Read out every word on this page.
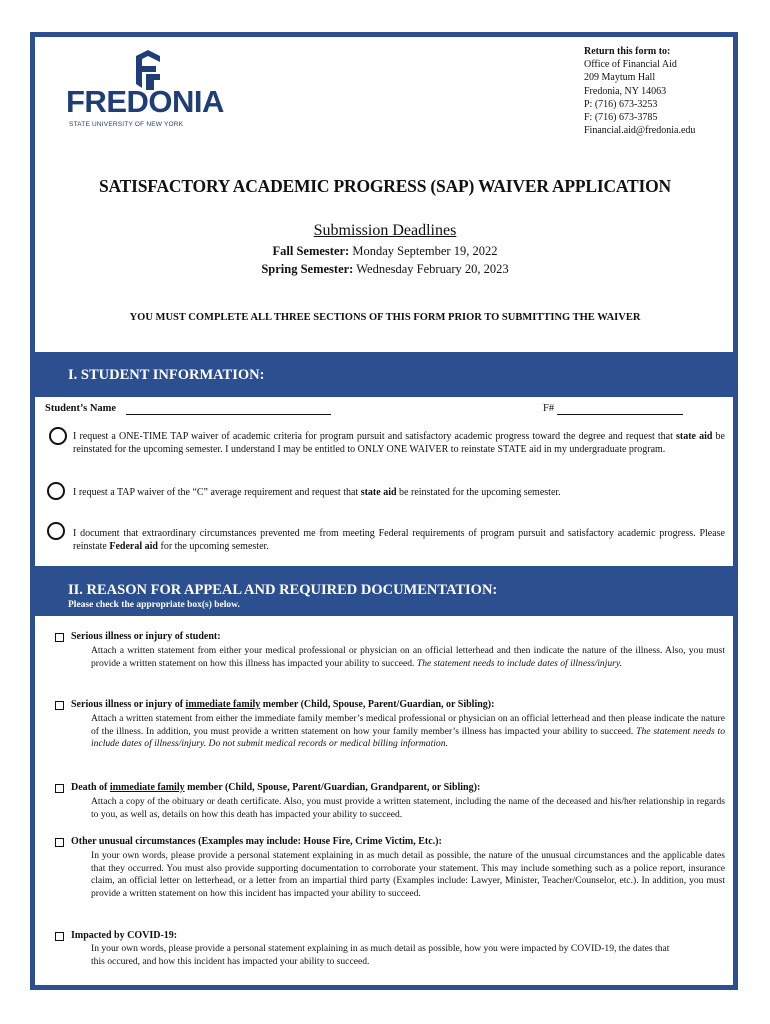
FREDONIA
STATE UNIVERSITY OF NEW YORK
Return this form to:
Office of Financial Aid
209 Maytum Hall
Fredonia, NY 14063
P: (716) 673-3253
F: (716) 673-3785
Financial.aid@fredonia.edu
SATISFACTORY ACADEMIC PROGRESS (SAP) WAIVER APPLICATION
Submission Deadlines
Fall Semester: Monday September 19, 2022
Spring Semester: Wednesday February 20, 2023
YOU MUST COMPLETE ALL THREE SECTIONS OF THIS FORM PRIOR TO SUBMITTING THE WAIVER
I. STUDENT INFORMATION:
Student’s Name	F#
I request a ONE-TIME TAP waiver of academic criteria for program pursuit and satisfactory academic progress toward the degree and request that state aid be reinstated for the upcoming semester. I understand I may be entitled to ONLY ONE WAIVER to reinstate STATE aid in my undergraduate program.
I request a TAP waiver of the “C” average requirement and request that state aid be reinstated for the upcoming semester.
I document that extraordinary circumstances prevented me from meeting Federal requirements of program pursuit and satisfactory academic progress. Please reinstate Federal aid for the upcoming semester.
II. REASON FOR APPEAL AND REQUIRED DOCUMENTATION:
Please check the appropriate box(s) below.
Serious illness or injury of student:
Attach a written statement from either your medical professional or physician on an official letterhead and then indicate the nature of the illness. Also, you must provide a written statement on how this illness has impacted your ability to succeed. The statement needs to include dates of illness/injury.
Serious illness or injury of immediate family member (Child, Spouse, Parent/Guardian, or Sibling):
Attach a written statement from either the immediate family member’s medical professional or physician on an official letterhead and then please indicate the nature of the illness. In addition, you must provide a written statement on how your family member’s illness has impacted your ability to succeed. The statement needs to include dates of illness/injury. Do not submit medical records or medical billing information.
Death of immediate family member (Child, Spouse, Parent/Guardian, Grandparent, or Sibling):
Attach a copy of the obituary or death certificate. Also, you must provide a written statement, including the name of the deceased and his/her relationship in regards to you, as well as, details on how this death has impacted your ability to succeed.
Other unusual circumstances (Examples may include: House Fire, Crime Victim, Etc.):
In your own words, please provide a personal statement explaining in as much detail as possible, the nature of the unusual circumstances and the applicable dates that they occurred. You must also provide supporting documentation to corroborate your statement. This may include something such as a police report, insurance claim, an official letter on letterhead, or a letter from an impartial third party (Examples include: Lawyer, Minister, Teacher/Counselor, etc.). In addition, you must provide a written statement on how this incident has impacted your ability to succeed.
Impacted by COVID-19:
In your own words, please provide a personal statement explaining in as much detail as possible, how you were impacted by COVID-19, the dates that this occured, and how this incident has impacted your ability to succeed.
